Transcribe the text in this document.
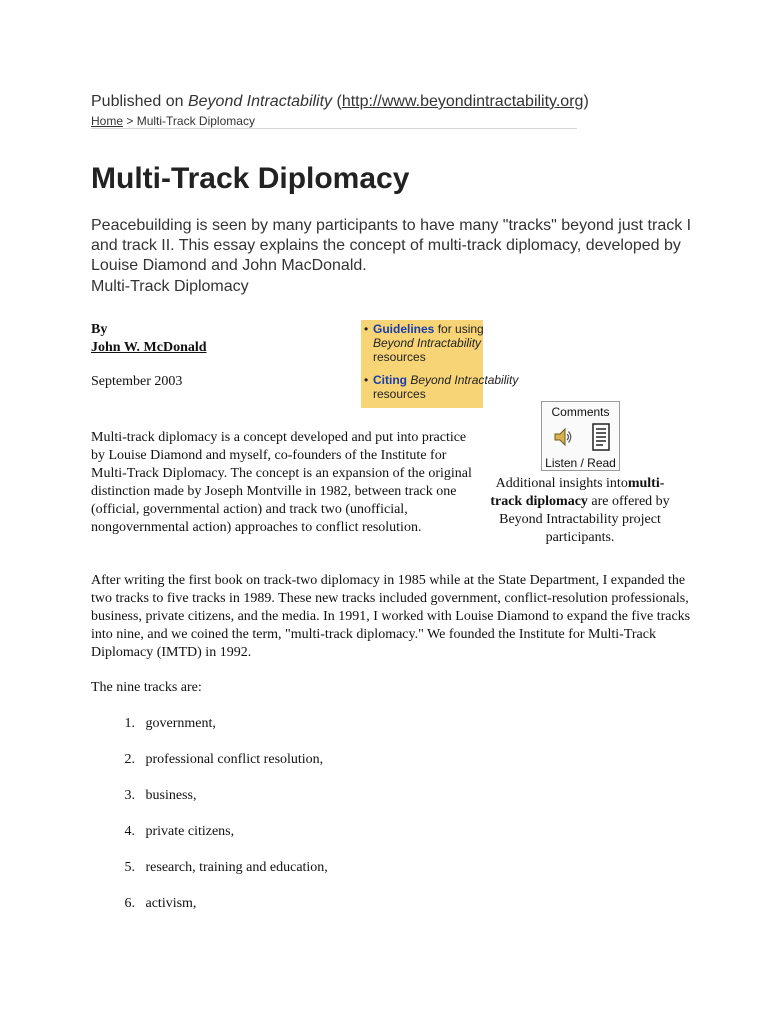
Published on Beyond Intractability (http://www.beyondintractability.org)
Home > Multi-Track Diplomacy
Multi-Track Diplomacy

Peacebuilding is seen by many participants to have many "tracks" beyond just track I and track II. This essay explains the concept of multi-track diplomacy, developed by Louise Diamond and John MacDonald.

Multi-Track Diplomacy
By
John W. McDonald
September 2003
• Guidelines for using
Beyond Intractability
resources
• Citing Beyond Intractability
resources
Comments
Listen / Read
Additional insights intomulti-track diplomacy are offered by Beyond Intractability project participants.

Multi-track diplomacy is a concept developed and put into practice by Louise Diamond and myself, co-founders of the Institute for Multi-Track Diplomacy. The concept is an expansion of the original distinction made by Joseph Montville in 1982, between track one (official, governmental action) and track two (unofficial, nongovernmental action) approaches to conflict resolution.

After writing the first book on track-two diplomacy in 1985 while at the State Department, I expanded the two tracks to five tracks in 1989. These new tracks included government, conflict-resolution professionals, business, private citizens, and the media. In 1991, I worked with Louise Diamond to expand the five tracks into nine, and we coined the term, "multi-track diplomacy." We founded the Institute for Multi-Track Diplomacy (IMTD) in 1992.

The nine tracks are:
1. government,
2. professional conflict resolution,
3. business,
4. private citizens,
5. research, training and education,
6. activism,
